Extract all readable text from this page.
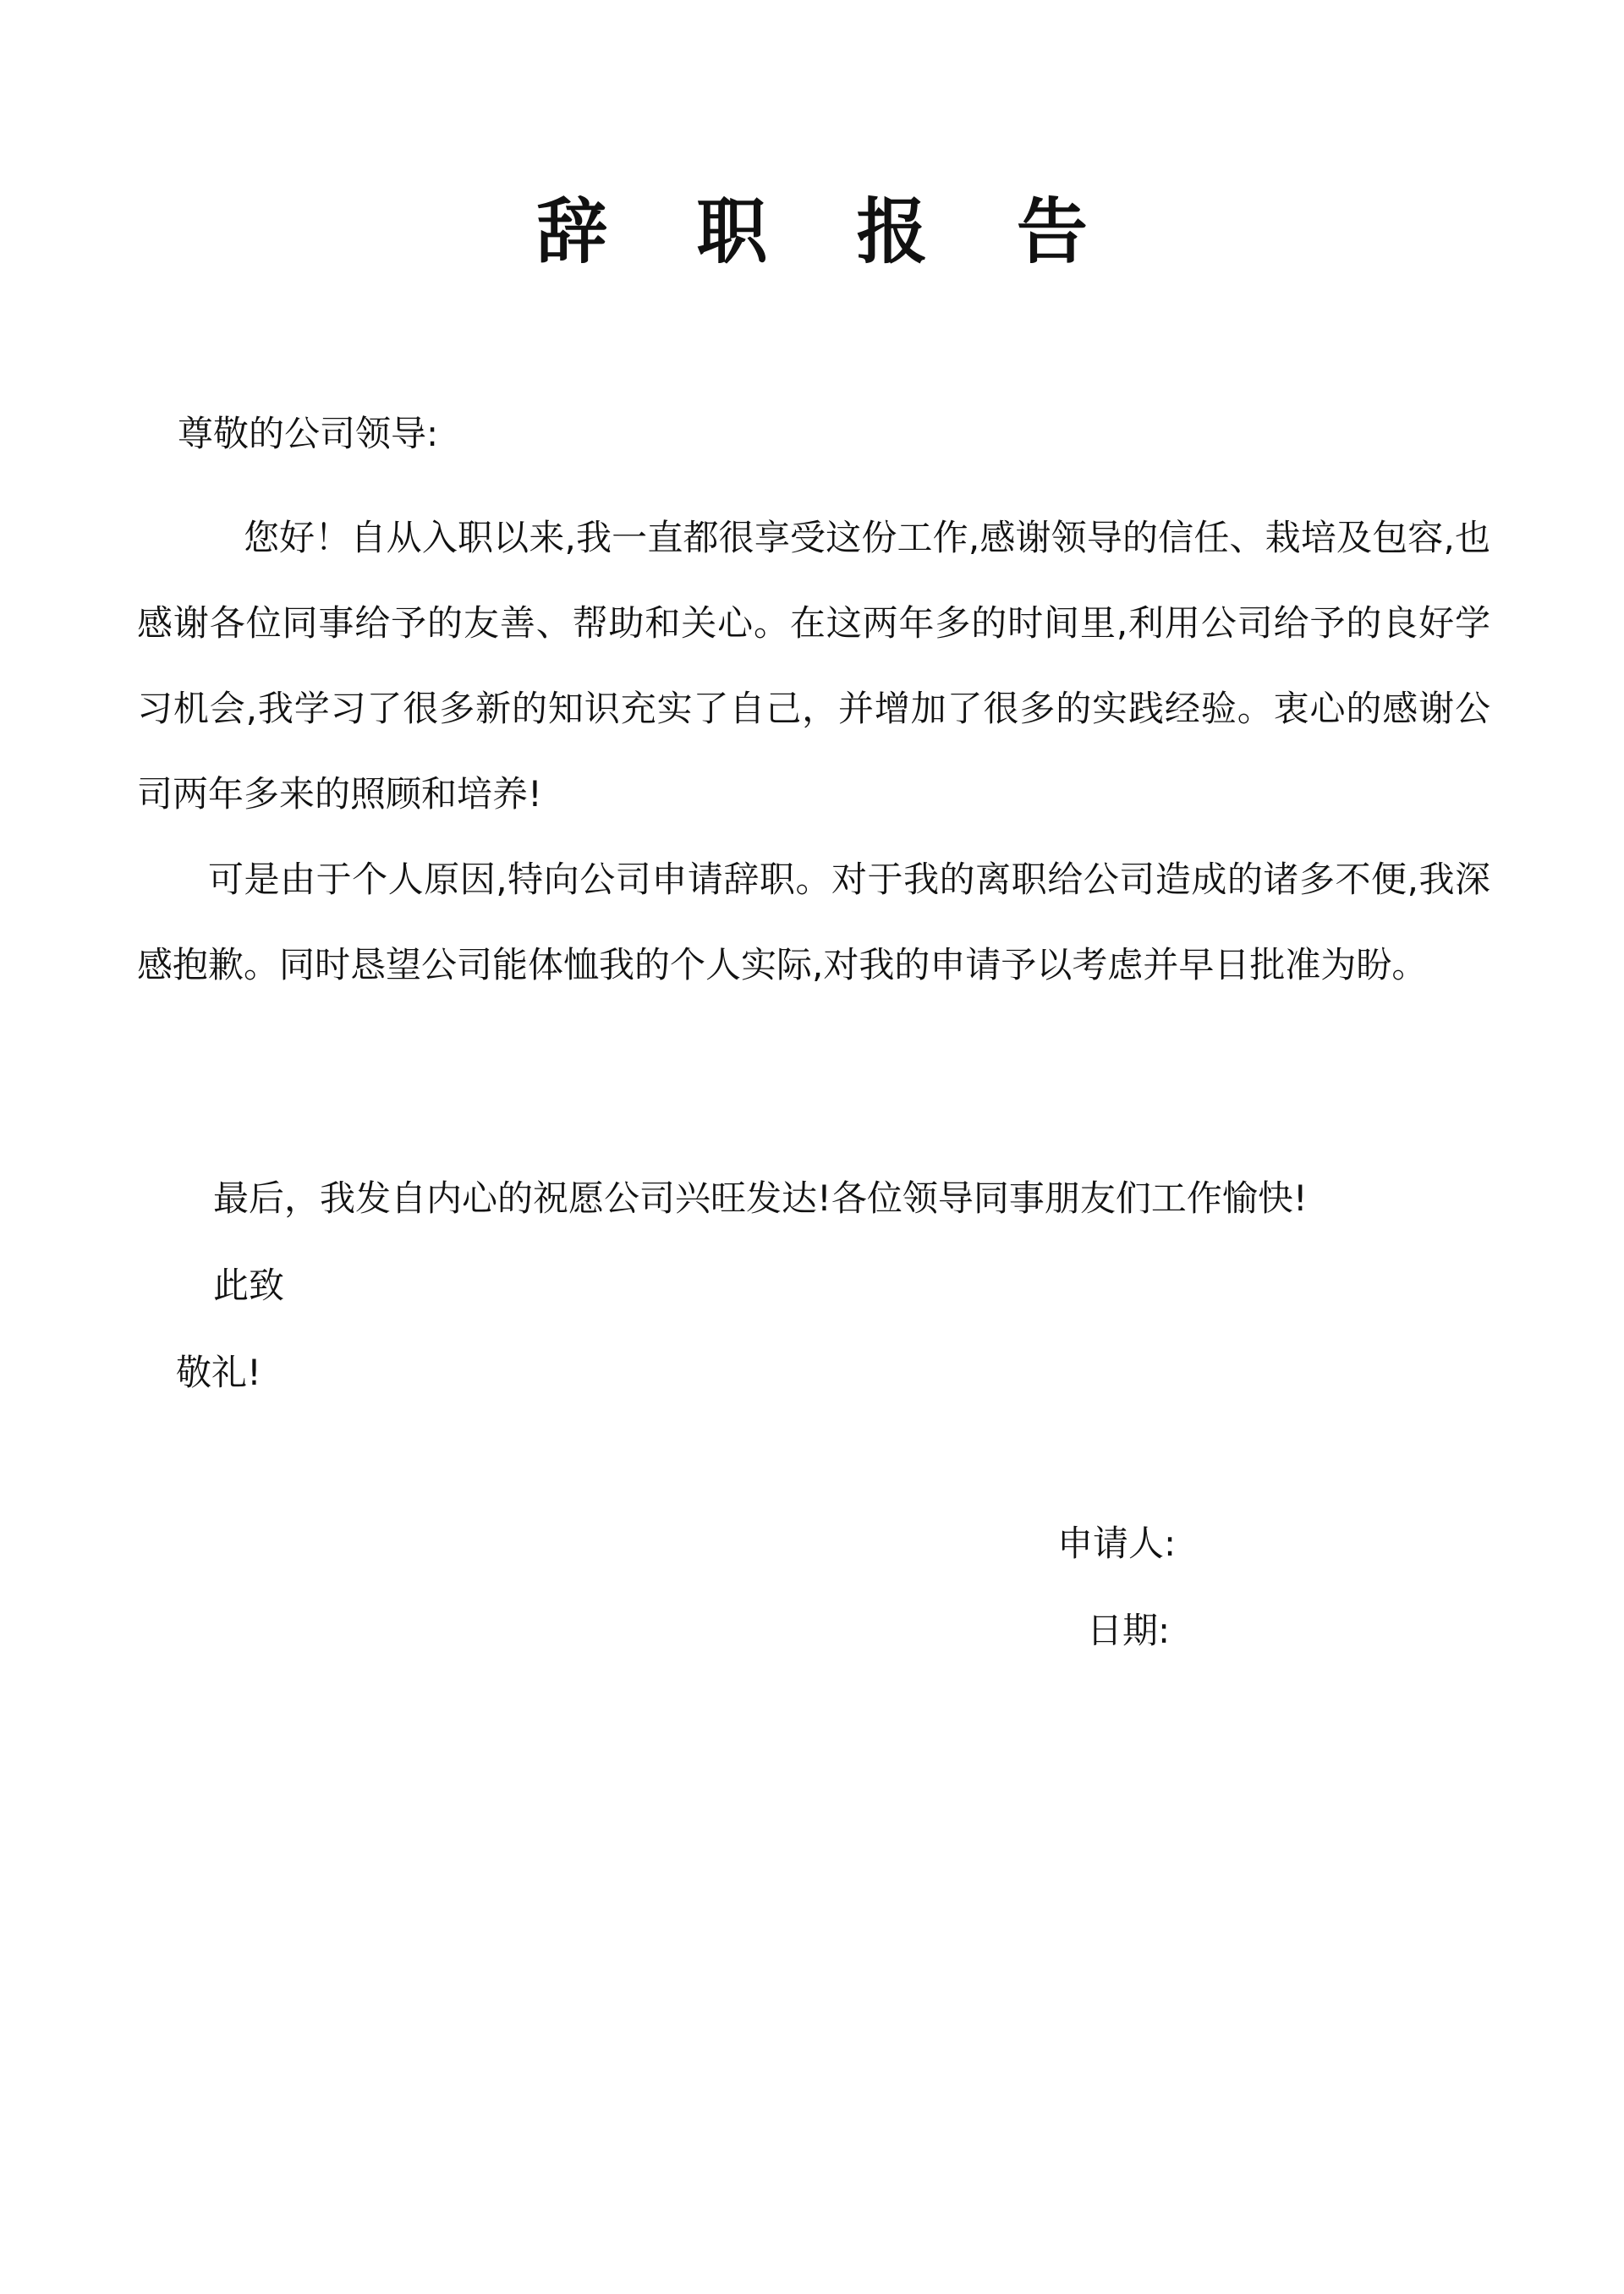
辞 职 报 告
尊敬的公司领导:

您好！自从入职以来,我一直都很享受这份工作,感谢领导的信任、栽培及包容,也感谢各位同事给予的友善、帮助和关心。在这两年多的时间里,利用公司给予的良好学习机会,我学习了很多新的知识充实了自己，并增加了很多的实践经验。衷心的感谢公司两年多来的照顾和培养!

可是由于个人原因,特向公司申请辞职。对于我的离职给公司造成的诸多不便,我深感抱歉。同时恳望公司能体恤我的个人实际,对我的申请予以考虑并早日批准为盼。

最后，我发自内心的祝愿公司兴旺发达!各位领导同事朋友们工作愉快!
此致
敬礼!
申请人:
日期:
